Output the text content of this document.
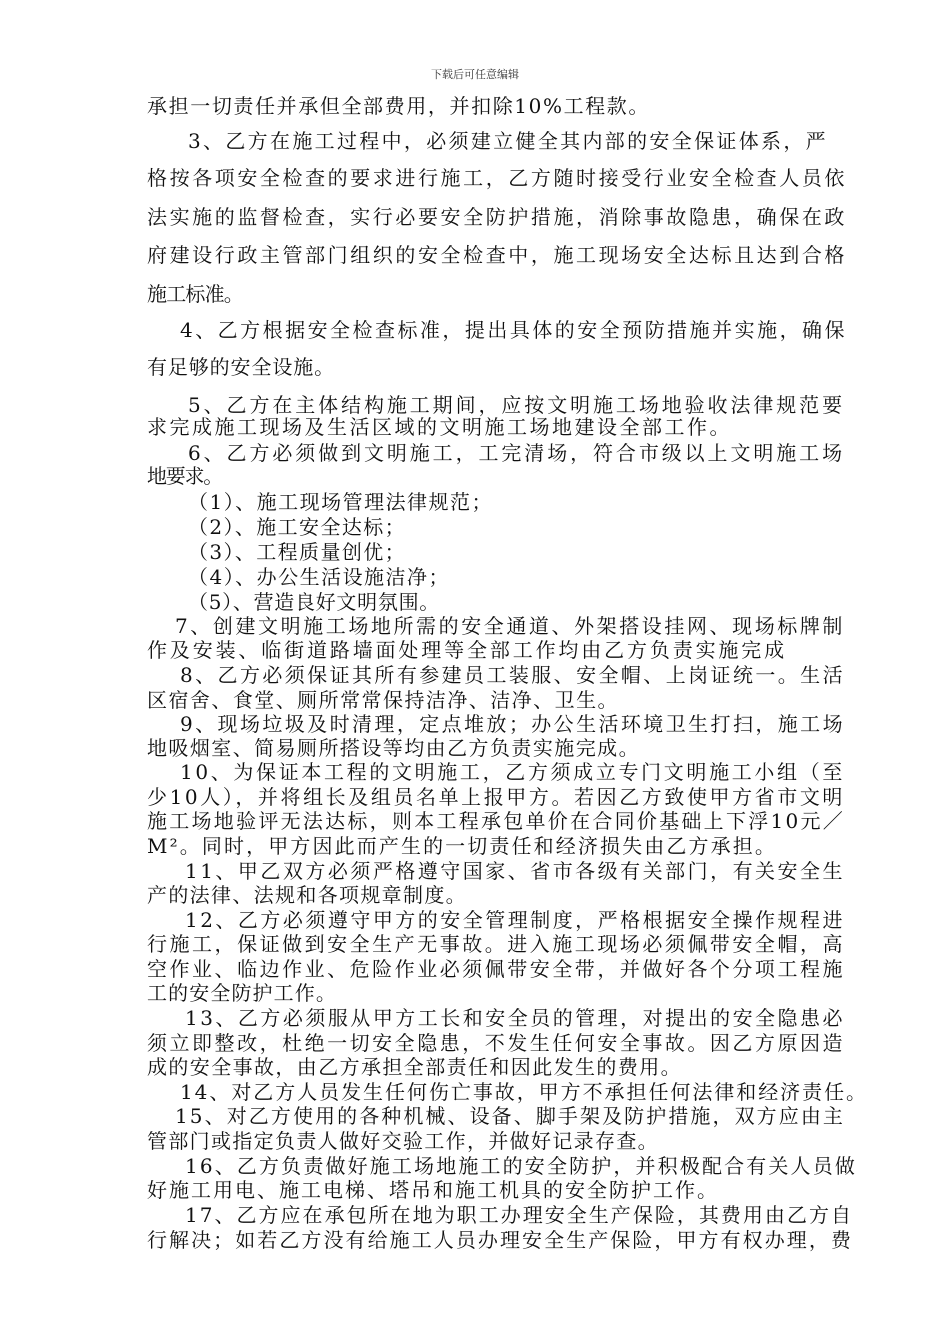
下载后可任意编辑
承担一切责任并承但全部费用，并扣除10%工程款。
3、乙方在施工过程中，必须建立健全其内部的安全保证体系，严
格按各项安全检查的要求进行施工，乙方随时接受行业安全检查人员依
法实施的监督检查，实行必要安全防护措施，消除事故隐患，确保在政
府建设行政主管部门组织的安全检查中，施工现场安全达标且达到合格
施工标准。
4、乙方根据安全检查标准，提出具体的安全预防措施并实施，确保
有足够的安全设施。
5、乙方在主体结构施工期间，应按文明施工场地验收法律规范要
求完成施工现场及生活区域的文明施工场地建设全部工作。
6、乙方必须做到文明施工，工完清场，符合市级以上文明施工场
地要求。
（1）、施工现场管理法律规范；
（2）、施工安全达标；
（3）、工程质量创优；
（4）、办公生活设施洁净；
（5）、营造良好文明氛围。
7、创建文明施工场地所需的安全通道、外架搭设挂网、现场标牌制
作及安装、临街道路墙面处理等全部工作均由乙方负责实施完成
8、乙方必须保证其所有参建员工装服、安全帽、上岗证统一。生活
区宿舍、食堂、厕所常常保持洁净、洁净、卫生。
9、现场垃圾及时清理，定点堆放；办公生活环境卫生打扫，施工场
地吸烟室、简易厕所搭设等均由乙方负责实施完成。
10、为保证本工程的文明施工，乙方须成立专门文明施工小组（至
少10人），并将组长及组员名单上报甲方。若因乙方致使甲方省市文明
施工场地验评无法达标，则本工程承包单价在合同价基础上下浮10元／
M²。同时，甲方因此而产生的一切责任和经济损失由乙方承担。
11、甲乙双方必须严格遵守国家、省市各级有关部门，有关安全生
产的法律、法规和各项规章制度。
12、乙方必须遵守甲方的安全管理制度，严格根据安全操作规程进
行施工，保证做到安全生产无事故。进入施工现场必须佩带安全帽，高
空作业、临边作业、危险作业必须佩带安全带，并做好各个分项工程施
工的安全防护工作。
13、乙方必须服从甲方工长和安全员的管理，对提出的安全隐患必
须立即整改，杜绝一切安全隐患，不发生任何安全事故。因乙方原因造
成的安全事故，由乙方承担全部责任和因此发生的费用。
14、对乙方人员发生任何伤亡事故，甲方不承担任何法律和经济责任。
15、对乙方使用的各种机械、设备、脚手架及防护措施，双方应由主
管部门或指定负责人做好交验工作，并做好记录存查。
16、乙方负责做好施工场地施工的安全防护，并积极配合有关人员做
好施工用电、施工电梯、塔吊和施工机具的安全防护工作。
17、乙方应在承包所在地为职工办理安全生产保险，其费用由乙方自
行解决；如若乙方没有给施工人员办理安全生产保险，甲方有权办理，费
